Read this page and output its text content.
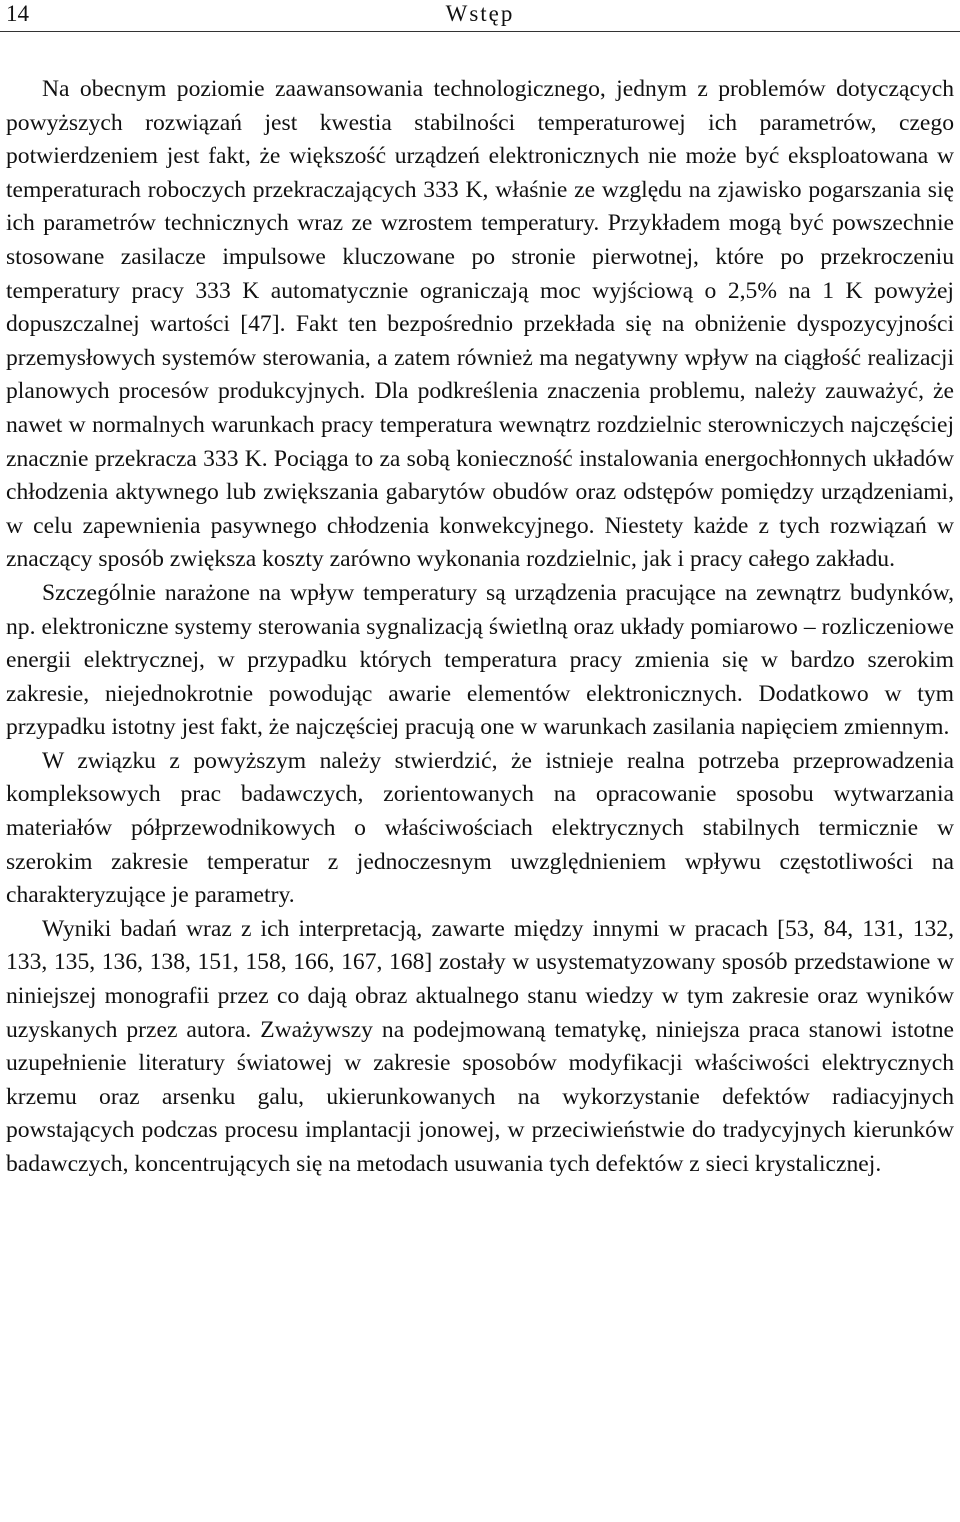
14	Wstęp

Na obecnym poziomie zaawansowania technologicznego, jednym z problemów dotyczących powyższych rozwiązań jest kwestia stabilności temperaturowej ich parametrów, czego potwierdzeniem jest fakt, że większość urządzeń elektronicznych nie może być eksploatowana w temperaturach roboczych przekraczających 333 K, właśnie ze względu na zjawisko pogarszania się ich parametrów technicznych wraz ze wzrostem temperatury. Przykładem mogą być powszechnie stosowane zasilacze impulsowe kluczowane po stronie pierwotnej, które po przekroczeniu temperatury pracy 333 K automatycznie ograniczają moc wyjściową o 2,5% na 1 K powyżej dopuszczalnej wartości [47]. Fakt ten bezpośrednio przekłada się na obniżenie dyspozycyjności przemysłowych systemów sterowania, a zatem również ma negatywny wpływ na ciągłość realizacji planowych procesów produkcyjnych. Dla podkreślenia znaczenia problemu, należy zauważyć, że nawet w normalnych warunkach pracy temperatura wewnątrz rozdzielnic sterowniczych najczęściej znacznie przekracza 333 K. Pociąga to za sobą konieczność instalowania energochłonnych układów chłodzenia aktywnego lub zwiększania gabarytów obudów oraz odstępów pomiędzy urządzeniami, w celu zapewnienia pasywnego chłodzenia konwekcyjnego. Niestety każde z tych rozwiązań w znaczący sposób zwiększa koszty zarówno wykonania rozdzielnic, jak i pracy całego zakładu.

Szczególnie narażone na wpływ temperatury są urządzenia pracujące na zewnątrz budynków, np. elektroniczne systemy sterowania sygnalizacją świetlną oraz układy pomiarowo – rozliczeniowe energii elektrycznej, w przypadku których temperatura pracy zmienia się w bardzo szerokim zakresie, niejednokrotnie powodując awarie elementów elektronicznych. Dodatkowo w tym przypadku istotny jest fakt, że najczęściej pracują one w warunkach zasilania napięciem zmiennym.

W związku z powyższym należy stwierdzić, że istnieje realna potrzeba przeprowadzenia kompleksowych prac badawczych, zorientowanych na opracowanie sposobu wytwarzania materiałów półprzewodnikowych o właściwościach elektrycznych stabilnych termicznie w szerokim zakresie temperatur z jednoczesnym uwzględnieniem wpływu częstotliwości na charakteryzujące je parametry.

Wyniki badań wraz z ich interpretacją, zawarte między innymi w pracach [53, 84, 131, 132, 133, 135, 136, 138, 151, 158, 166, 167, 168] zostały w usystematyzowany sposób przedstawione w niniejszej monografii przez co dają obraz aktualnego stanu wiedzy w tym zakresie oraz wyników uzyskanych przez autora. Zważywszy na podejmowaną tematykę, niniejsza praca stanowi istotne uzupełnienie literatury światowej w zakresie sposobów modyfikacji właściwości elektrycznych krzemu oraz arsenku galu, ukierunkowanych na wykorzystanie defektów radiacyjnych powstających podczas procesu implantacji jonowej, w przeciwieństwie do tradycyjnych kierunków badawczych, koncentrujących się na metodach usuwania tych defektów z sieci krystalicznej.
